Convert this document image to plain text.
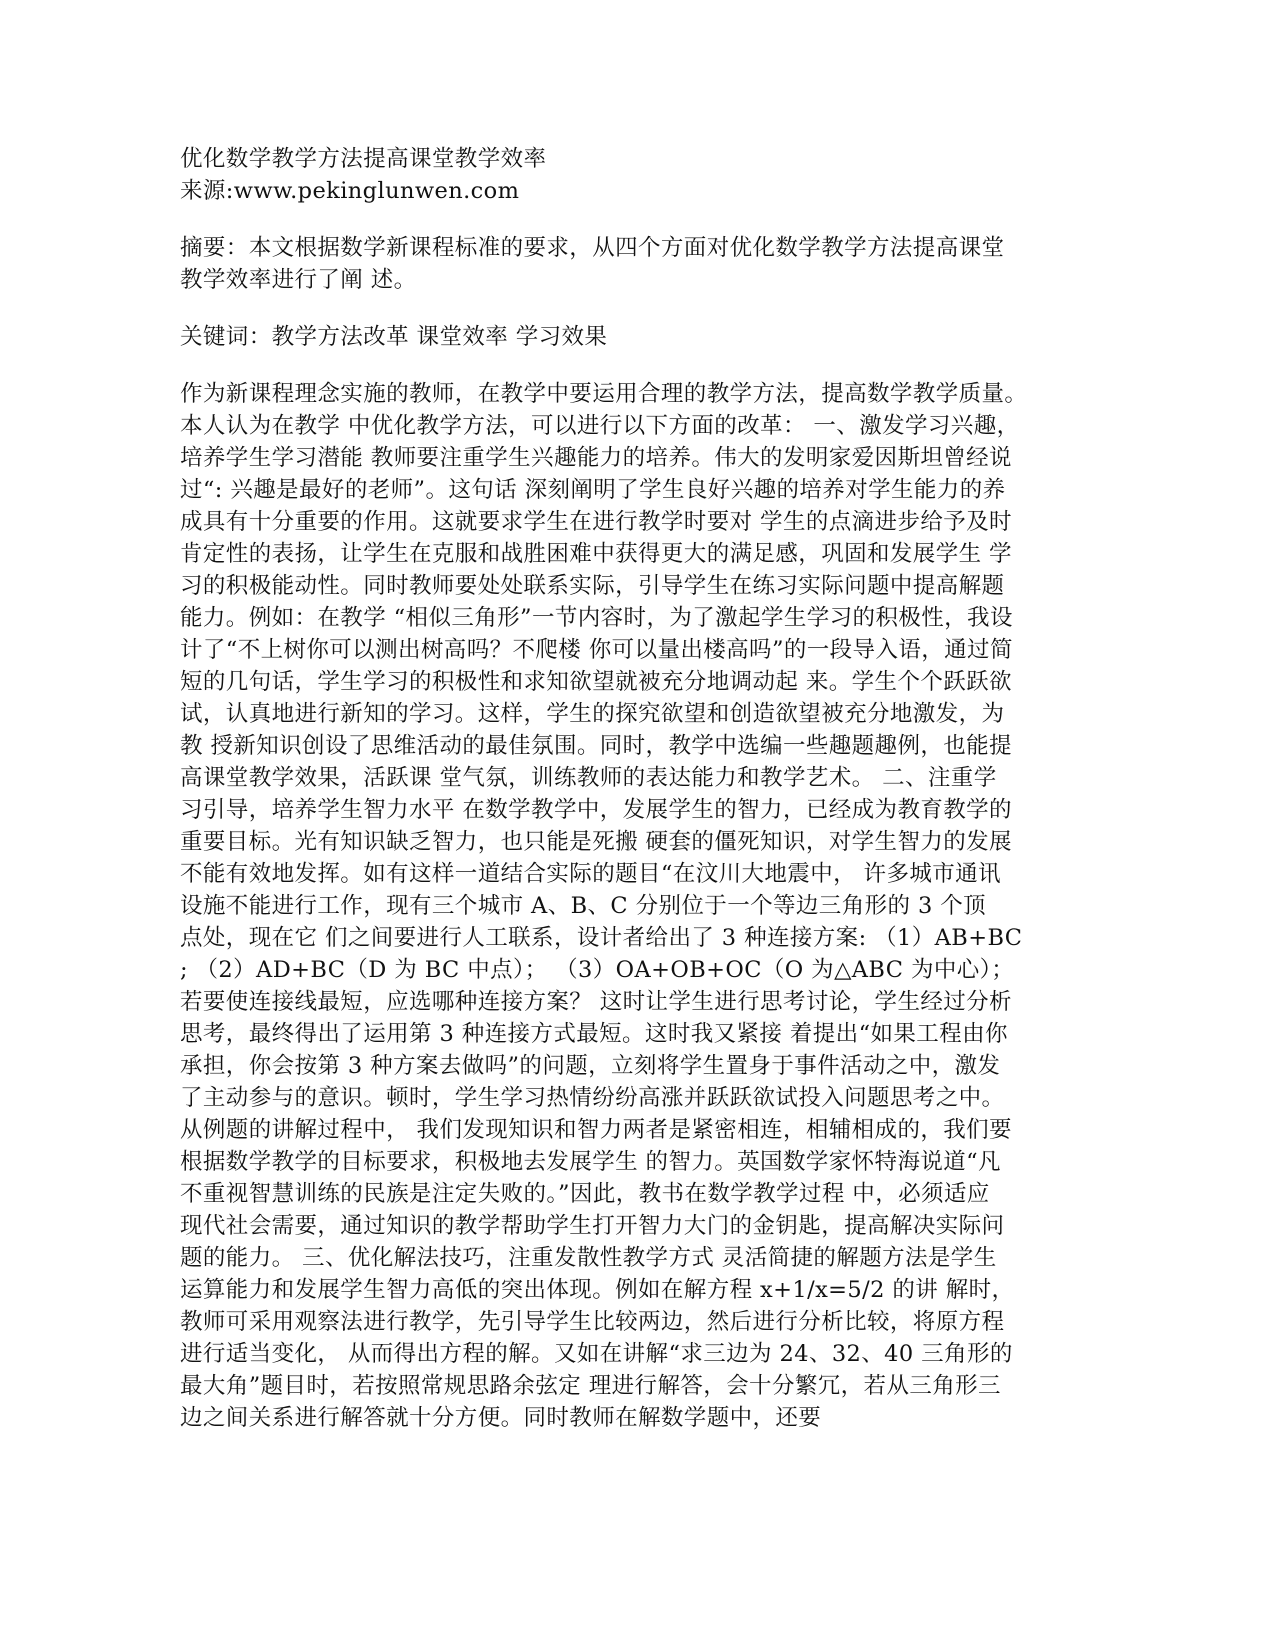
优化数学教学方法提高课堂教学效率
来源:www.pekinglunwen.com
摘要：本文根据数学新课程标准的要求，从四个方面对优化数学教学方法提高课堂
教学效率进行了阐 述。
关键词：教学方法改革 课堂效率 学习效果
作为新课程理念实施的教师，在教学中要运用合理的教学方法，提高数学教学质量。
本人认为在教学 中优化教学方法，可以进行以下方面的改革： 一、激发学习兴趣，
培养学生学习潜能 教师要注重学生兴趣能力的培养。伟大的发明家爱因斯坦曾经说
过“: 兴趣是最好的老师”。这句话 深刻阐明了学生良好兴趣的培养对学生能力的养
成具有十分重要的作用。这就要求学生在进行教学时要对 学生的点滴进步给予及时
肯定性的表扬，让学生在克服和战胜困难中获得更大的满足感，巩固和发展学生 学
习的积极能动性。同时教师要处处联系实际，引导学生在练习实际问题中提高解题
能力。例如：在教学 “相似三角形”一节内容时，为了激起学生学习的积极性，我设
计了“不上树你可以测出树高吗？不爬楼 你可以量出楼高吗”的一段导入语，通过简
短的几句话，学生学习的积极性和求知欲望就被充分地调动起 来。学生个个跃跃欲
试，认真地进行新知的学习。这样，学生的探究欲望和创造欲望被充分地激发，为
教 授新知识创设了思维活动的最佳氛围。同时，教学中选编一些趣题趣例，也能提
高课堂教学效果，活跃课 堂气氛，训练教师的表达能力和教学艺术。 二、注重学
习引导，培养学生智力水平 在数学教学中，发展学生的智力，已经成为教育教学的
重要目标。光有知识缺乏智力，也只能是死搬 硬套的僵死知识，对学生智力的发展
不能有效地发挥。如有这样一道结合实际的题目“在汶川大地震中， 许多城市通讯
设施不能进行工作，现有三个城市 A、B、C 分别位于一个等边三角形的 3 个顶
点处，现在它 们之间要进行人工联系，设计者给出了 3 种连接方案: （1）AB+BC
; （2）AD+BC（D 为 BC 中点）； （3）OA+OB+OC（O 为△ABC 为中心）；
若要使连接线最短，应选哪种连接方案？ 这时让学生进行思考讨论，学生经过分析
思考，最终得出了运用第 3 种连接方式最短。这时我又紧接 着提出“如果工程由你
承担，你会按第 3 种方案去做吗”的问题，立刻将学生置身于事件活动之中，激发
了主动参与的意识。顿时，学生学习热情纷纷高涨并跃跃欲试投入问题思考之中。
从例题的讲解过程中， 我们发现知识和智力两者是紧密相连，相辅相成的，我们要
根据数学教学的目标要求，积极地去发展学生 的智力。英国数学家怀特海说道“凡
不重视智慧训练的民族是注定失败的。”因此，教书在数学教学过程 中，必须适应
现代社会需要，通过知识的教学帮助学生打开智力大门的金钥匙，提高解决实际问
题的能力。 三、优化解法技巧，注重发散性教学方式 灵活简捷的解题方法是学生
运算能力和发展学生智力高低的突出体现。例如在解方程 x+1/x=5/2 的讲 解时，
教师可采用观察法进行教学，先引导学生比较两边，然后进行分析比较，将原方程
进行适当变化， 从而得出方程的解。又如在讲解“求三边为 24、32、40 三角形的
最大角”题目时，若按照常规思路余弦定 理进行解答，会十分繁冗，若从三角形三
边之间关系进行解答就十分方便。同时教师在解数学题中，还要
